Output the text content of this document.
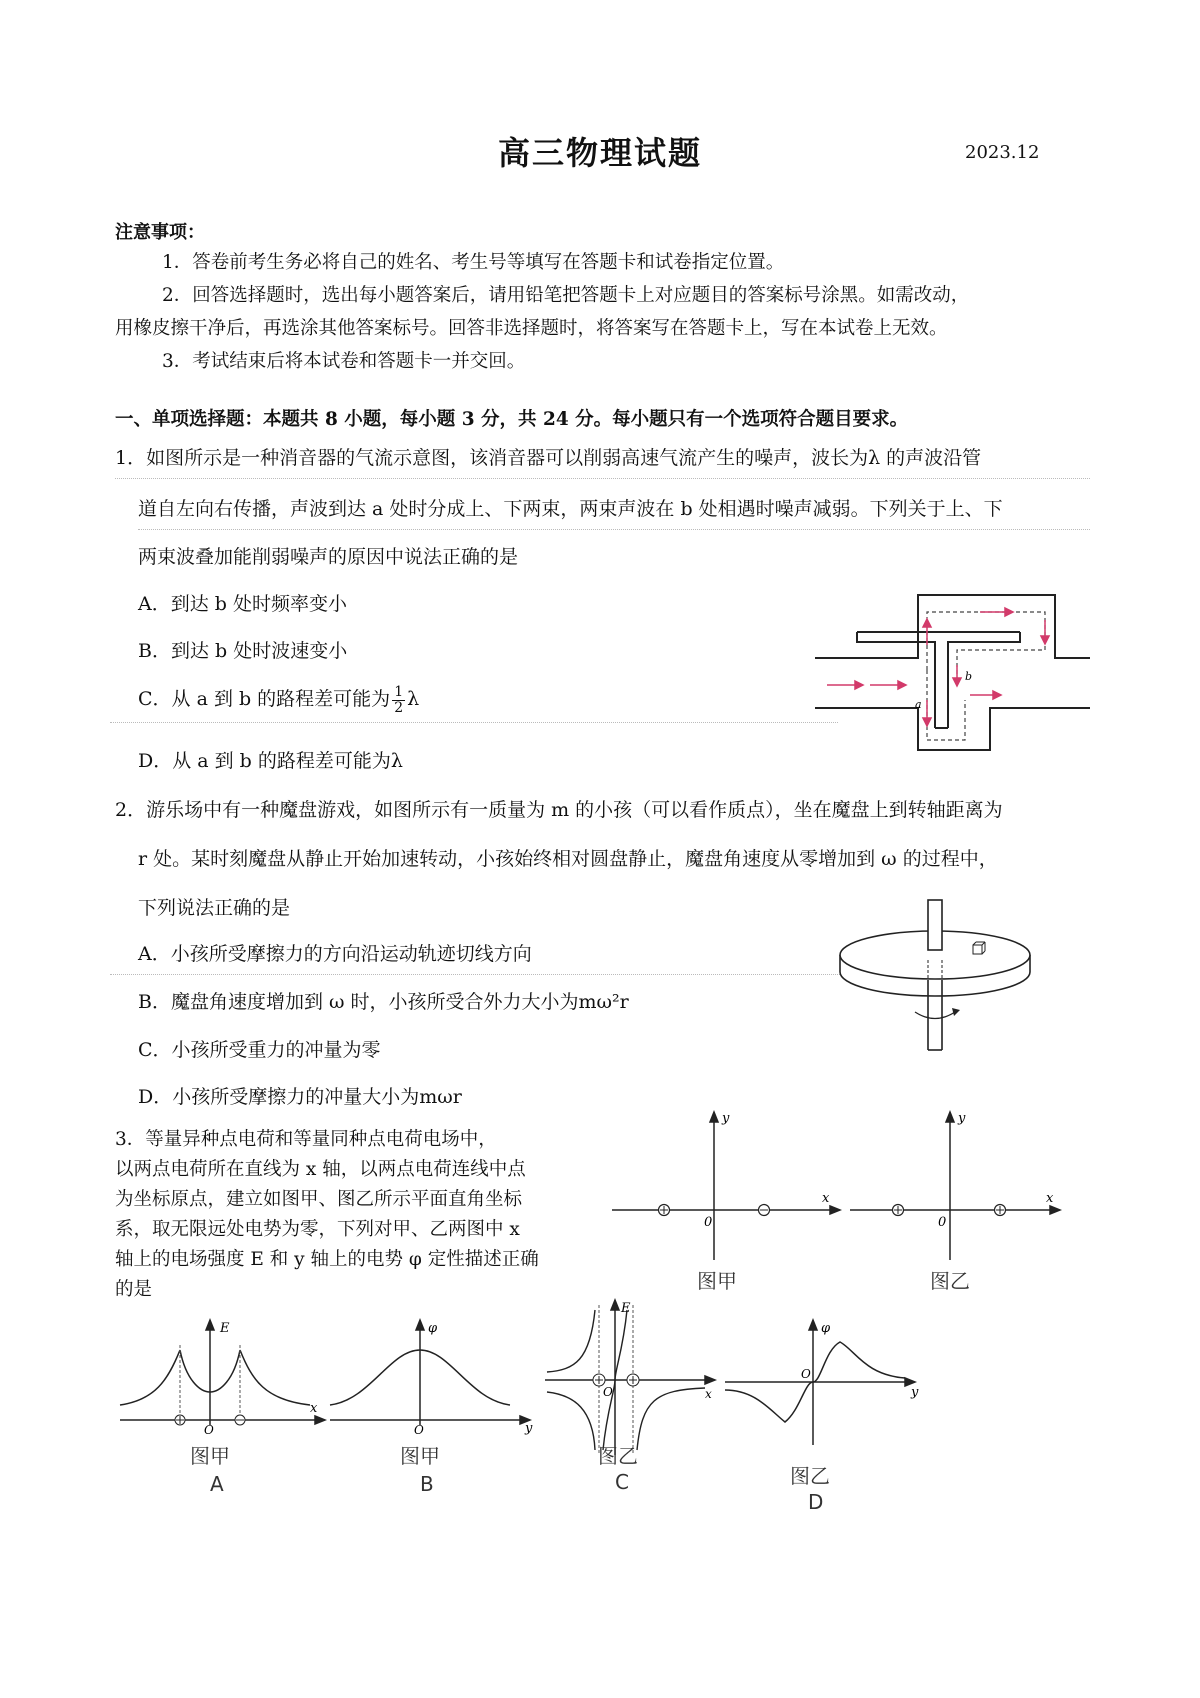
高三物理试题	2023.12
注意事项：
1．答卷前考生务必将自己的姓名、考生号等填写在答题卡和试卷指定位置。
2．回答选择题时，选出每小题答案后，请用铅笔把答题卡上对应题目的答案标号涂黑。如需改动，
用橡皮擦干净后，再选涂其他答案标号。回答非选择题时，将答案写在答题卡上，写在本试卷上无效。
3．考试结束后将本试卷和答题卡一并交回。
一、单项选择题：本题共 8 小题，每小题 3 分，共 24 分。每小题只有一个选项符合题目要求。
1．如图所示是一种消音器的气流示意图，该消音器可以削弱高速气流产生的噪声，波长为λ 的声波沿管
道自左向右传播，声波到达 a 处时分成上、下两束，两束声波在 b 处相遇时噪声减弱。下列关于上、下
两束波叠加能削弱噪声的原因中说法正确的是
A．到达 b 处时频率变小
B．到达 b 处时波速变小
C．从 a 到 b 的路程差可能为 $\frac{1}{2}$ λ
D．从 a 到 b 的路程差可能为λ
a
b
2．游乐场中有一种魔盘游戏，如图所示有一质量为 m 的小孩（可以看作质点），坐在魔盘上到转轴距离为
r 处。某时刻魔盘从静止开始加速转动，小孩始终相对圆盘静止，魔盘角速度从零增加到 ω 的过程中，
下列说法正确的是
A．小孩所受摩擦力的方向沿运动轨迹切线方向
B．魔盘角速度增加到 ω 时，小孩所受合外力大小为mω²r
C．小孩所受重力的冲量为零
D．小孩所受摩擦力的冲量大小为mωr
3．等量异种点电荷和等量同种点电荷电场中，
以两点电荷所在直线为 x 轴，以两点电荷连线中点
为坐标原点，建立如图甲、图乙所示平面直角坐标
系，取无限远处电势为零，下列对甲、乙两图中 x
轴上的电场强度 E 和 y 轴上的电势 φ 定性描述正确
的是
x
y
0
图甲
x
y
0
图乙
E
x
O
图甲
A
φ
y
O
图甲
B
E
x
O
图乙
C
φ
y
O
图乙
D
